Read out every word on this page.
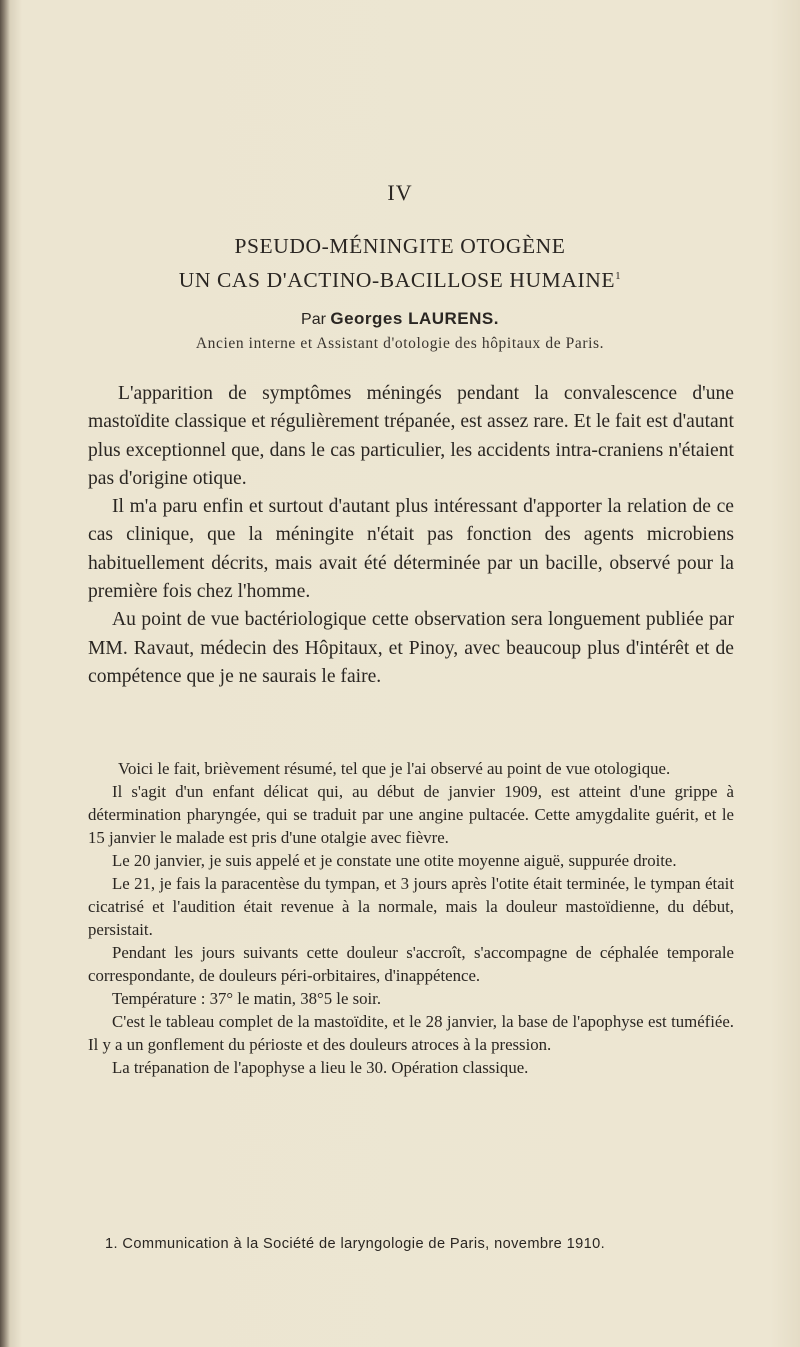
IV
PSEUDO-MÉNINGITE OTOGÈNE
UN CAS D'ACTINO-BACILLOSE HUMAINE$^1$
Par Georges LAURENS.
Ancien interne et Assistant d'otologie des hôpitaux de Paris.

L'apparition de symptômes méningés pendant la convalescence d'une mastoïdite classique et régulièrement trépanée, est assez rare. Et le fait est d'autant plus exceptionnel que, dans le cas particulier, les accidents intra-craniens n'étaient pas d'origine otique.

Il m'a paru enfin et surtout d'autant plus intéressant d'apporter la relation de ce cas clinique, que la méningite n'était pas fonction des agents microbiens habituellement décrits, mais avait été déterminée par un bacille, observé pour la première fois chez l'homme.

Au point de vue bactériologique cette observation sera longuement publiée par MM. Ravaut, médecin des Hôpitaux, et Pinoy, avec beaucoup plus d'intérêt et de compétence que je ne saurais le faire.

Voici le fait, brièvement résumé, tel que je l'ai observé au point de vue otologique.

Il s'agit d'un enfant délicat qui, au début de janvier 1909, est atteint d'une grippe à détermination pharyngée, qui se traduit par une angine pultacée. Cette amygdalite guérit, et le 15 janvier le malade est pris d'une otalgie avec fièvre.

Le 20 janvier, je suis appelé et je constate une otite moyenne aiguë, suppurée droite.

Le 21, je fais la paracentèse du tympan, et 3 jours après l'otite était terminée, le tympan était cicatrisé et l'audition était revenue à la normale, mais la douleur mastoïdienne, du début, persistait.

Pendant les jours suivants cette douleur s'accroît, s'accompagne de céphalée temporale correspondante, de douleurs péri-orbitaires, d'inappétence.

Température : 37° le matin, 38°5 le soir.

C'est le tableau complet de la mastoïdite, et le 28 janvier, la base de l'apophyse est tuméfiée. Il y a un gonflement du périoste et des douleurs atroces à la pression.

La trépanation de l'apophyse a lieu le 30. Opération classique.

1. Communication à la Société de laryngologie de Paris, novembre 1910.
